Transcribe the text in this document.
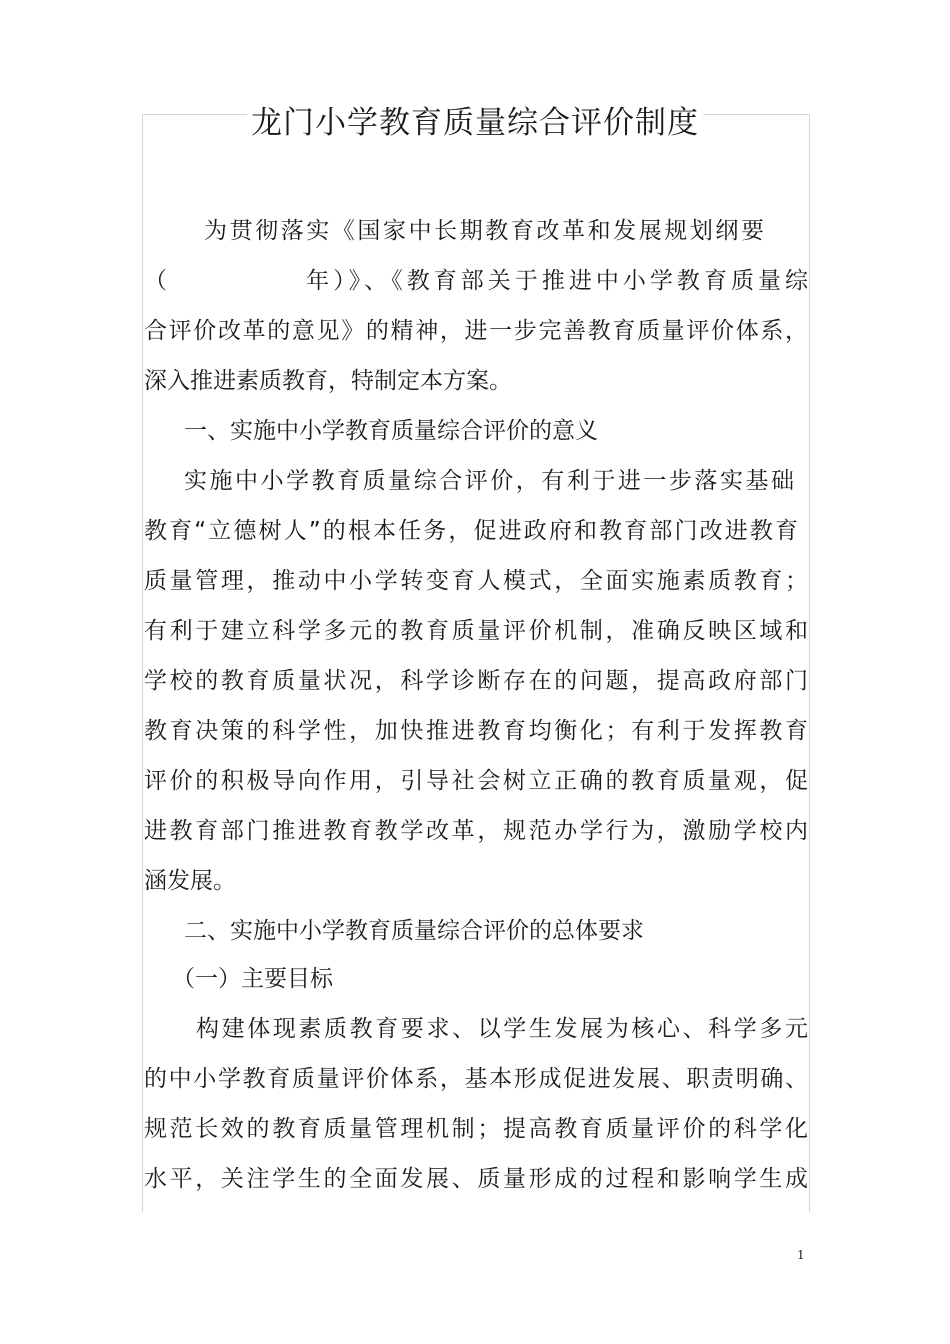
龙门小学教育质量综合评价制度
为贯彻落实《国家中长期教育改革和发展规划纲要
（　　　　　年）》、《教育部关于推进中小学教育质量综
合评价改革的意见》的精神，进一步完善教育质量评价体系，
深入推进素质教育，特制定本方案。
一、实施中小学教育质量综合评价的意义
实施中小学教育质量综合评价，有利于进一步落实基础
教育“立德树人”的根本任务，促进政府和教育部门改进教育
质量管理，推动中小学转变育人模式，全面实施素质教育；
有利于建立科学多元的教育质量评价机制，准确反映区域和
学校的教育质量状况，科学诊断存在的问题，提高政府部门
教育决策的科学性，加快推进教育均衡化；有利于发挥教育
评价的积极导向作用，引导社会树立正确的教育质量观，促
进教育部门推进教育教学改革，规范办学行为，激励学校内
涵发展。
二、实施中小学教育质量综合评价的总体要求
（一）主要目标
构建体现素质教育要求、以学生发展为核心、科学多元
的中小学教育质量评价体系，基本形成促进发展、职责明确、
规范长效的教育质量管理机制；提高教育质量评价的科学化
水平，关注学生的全面发展、质量形成的过程和影响学生成
1
